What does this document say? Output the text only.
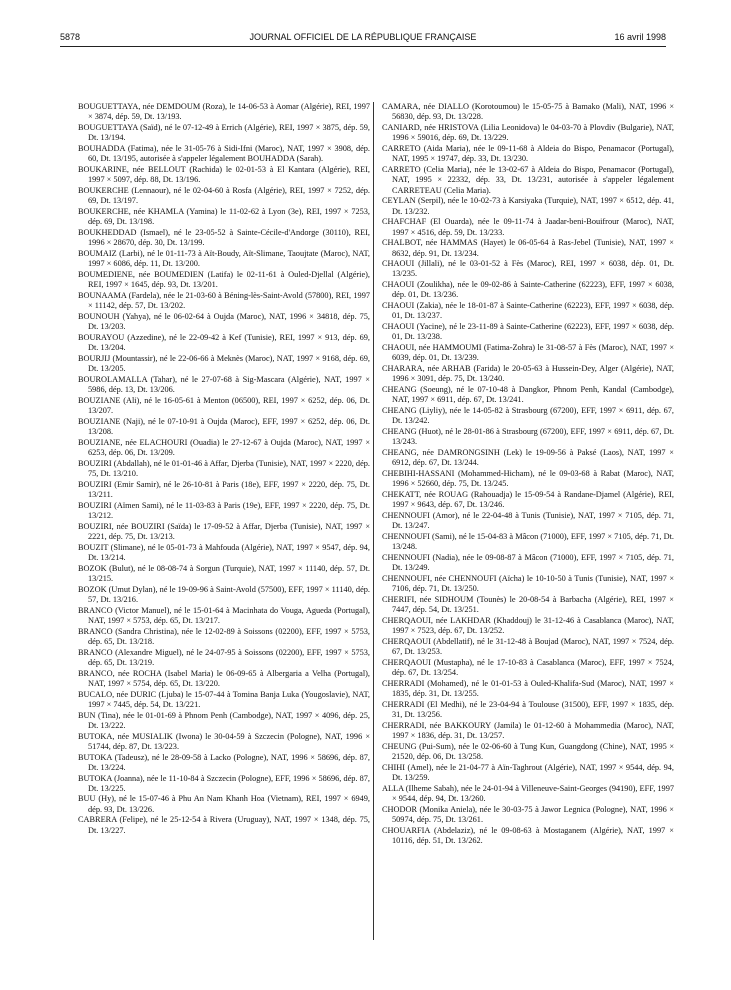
5878	JOURNAL OFFICIEL DE LA RÉPUBLIQUE FRANÇAISE	16 avril 1998

BOUGUETTAYA, née DEMDOUM (Roza), le 14-06-53 à Aomar (Algérie), REI, 1997 × 3874, dép. 59, Dt. 13/193.

BOUGUETTAYA (Saïd), né le 07-12-49 à Errich (Algérie), REI, 1997 × 3875, dép. 59, Dt. 13/194.

BOUHADDA (Fatima), née le 31-05-76 à Sidi-Ifni (Maroc), NAT, 1997 × 3908, dép. 60, Dt. 13/195, autorisée à s'appeler légalement BOUHADDA (Sarah).

BOUKARINE, née BELLOUT (Rachida) le 02-01-53 à El Kantara (Algérie), REI, 1997 × 5097, dép. 88, Dt. 13/196.

BOUKERCHE (Lennaour), né le 02-04-60 à Rosfa (Algérie), REI, 1997 × 7252, dép. 69, Dt. 13/197.

BOUKERCHE, née KHAMLA (Yamina) le 11-02-62 à Lyon (3e), REI, 1997 × 7253, dép. 69, Dt. 13/198.

BOUKHEDDAD (Ismael), né le 23-05-52 à Sainte-Cécile-d'Andorge (30110), REI, 1996 × 28670, dép. 30, Dt. 13/199.

BOUMAIZ (Larbi), né le 01-11-73 à Aït-Boudy, Aït-Slimane, Taoujtate (Maroc), NAT, 1997 × 6086, dép. 11, Dt. 13/200.

BOUMEDIENE, née BOUMEDIEN (Latifa) le 02-11-61 à Ouled-Djellal (Algérie), REI, 1997 × 1645, dép. 93, Dt. 13/201.

BOUNAAMA (Fardela), née le 21-03-60 à Béning-lès-Saint-Avold (57800), REI, 1997 × 11142, dép. 57, Dt. 13/202.

BOUNOUH (Yahya), né le 06-02-64 à Oujda (Maroc), NAT, 1996 × 34818, dép. 75, Dt. 13/203.

BOURAYOU (Azzedine), né le 22-09-42 à Kef (Tunisie), REI, 1997 × 913, dép. 69, Dt. 13/204.

BOURJIJ (Mountassir), né le 22-06-66 à Meknès (Maroc), NAT, 1997 × 9168, dép. 69, Dt. 13/205.

BOUROLAMALLA (Tahar), né le 27-07-68 à Sig-Mascara (Algérie), NAT, 1997 × 5986, dép. 13, Dt. 13/206.

BOUZIANE (Ali), né le 16-05-61 à Menton (06500), REI, 1997 × 6252, dép. 06, Dt. 13/207.

BOUZIANE (Naji), né le 07-10-91 à Oujda (Maroc), EFF, 1997 × 6252, dép. 06, Dt. 13/208.

BOUZIANE, née ELACHOURI (Ouadia) le 27-12-67 à Oujda (Maroc), NAT, 1997 × 6253, dép. 06, Dt. 13/209.

BOUZIRI (Abdallah), né le 01-01-46 à Affar, Djerba (Tunisie), NAT, 1997 × 2220, dép. 75, Dt. 13/210.

BOUZIRI (Emir Samir), né le 26-10-81 à Paris (18e), EFF, 1997 × 2220, dép. 75, Dt. 13/211.

BOUZIRI (Aïmen Sami), né le 11-03-83 à Paris (19e), EFF, 1997 × 2220, dép. 75, Dt. 13/212.

BOUZIRI, née BOUZIRI (Saïda) le 17-09-52 à Affar, Djerba (Tunisie), NAT, 1997 × 2221, dép. 75, Dt. 13/213.

BOUZIT (Slimane), né le 05-01-73 à Mahfouda (Algérie), NAT, 1997 × 9547, dép. 94, Dt. 13/214.

BOZOK (Bulut), né le 08-08-74 à Sorgun (Turquie), NAT, 1997 × 11140, dép. 57, Dt. 13/215.

BOZOK (Umut Dylan), né le 19-09-96 à Saint-Avold (57500), EFF, 1997 × 11140, dép. 57, Dt. 13/216.

BRANCO (Victor Manuel), né le 15-01-64 à Macinhata do Vouga, Agueda (Portugal), NAT, 1997 × 5753, dép. 65, Dt. 13/217.

BRANCO (Sandra Christina), née le 12-02-89 à Soissons (02200), EFF, 1997 × 5753, dép. 65, Dt. 13/218.

BRANCO (Alexandre Miguel), né le 24-07-95 à Soissons (02200), EFF, 1997 × 5753, dép. 65, Dt. 13/219.

BRANCO, née ROCHA (Isabel Maria) le 06-09-65 à Albergaria a Velha (Portugal), NAT, 1997 × 5754, dép. 65, Dt. 13/220.

BUCALO, née DURIC (Ljuba) le 15-07-44 à Tomina Banja Luka (Yougoslavie), NAT, 1997 × 7445, dép. 54, Dt. 13/221.

BUN (Tina), née le 01-01-69 à Phnom Penh (Cambodge), NAT, 1997 × 4096, dép. 25, Dt. 13/222.

BUTOKA, née MUSIALIK (Iwona) le 30-04-59 à Szczecin (Pologne), NAT, 1996 × 51744, dép. 87, Dt. 13/223.

BUTOKA (Tadeusz), né le 28-09-58 à Lacko (Pologne), NAT, 1996 × 58696, dép. 87, Dt. 13/224.

BUTOKA (Joanna), née le 11-10-84 à Szczecin (Pologne), EFF, 1996 × 58696, dép. 87, Dt. 13/225.

BUU (Hy), né le 15-07-46 à Phu An Nam Khanh Hoa (Vietnam), REI, 1997 × 6949, dép. 93, Dt. 13/226.

CABRERA (Felipe), né le 25-12-54 à Rivera (Uruguay), NAT, 1997 × 1348, dép. 75, Dt. 13/227.

CAMARA, née DIALLO (Korotoumou) le 15-05-75 à Bamako (Mali), NAT, 1996 × 56830, dép. 93, Dt. 13/228.

CANIARD, née HRISTOVA (Lilia Leonidova) le 04-03-70 à Plovdiv (Bulgarie), NAT, 1996 × 59016, dép. 69, Dt. 13/229.

CARRETO (Aida Maria), née le 09-11-68 à Aldeia do Bispo, Penamacor (Portugal), NAT, 1995 × 19747, dép. 33, Dt. 13/230.

CARRETO (Celia Maria), née le 13-02-67 à Aldeia do Bispo, Penamacor (Portugal), NAT, 1995 × 22332, dép. 33, Dt. 13/231, autorisée à s'appeler légalement CARRETEAU (Celia Maria).

CEYLAN (Serpil), née le 10-02-73 à Karsiyaka (Turquie), NAT, 1997 × 6512, dép. 41, Dt. 13/232.

CHAFCHAF (El Ouarda), née le 09-11-74 à Jaadar-beni-Bouifrour (Maroc), NAT, 1997 × 4516, dép. 59, Dt. 13/233.

CHALBOT, née HAMMAS (Hayet) le 06-05-64 à Ras-Jebel (Tunisie), NAT, 1997 × 8632, dép. 91, Dt. 13/234.

CHAOUI (Jillali), né le 03-01-52 à Fès (Maroc), REI, 1997 × 6038, dép. 01, Dt. 13/235.

CHAOUI (Zoulikha), née le 09-02-86 à Sainte-Catherine (62223), EFF, 1997 × 6038, dép. 01, Dt. 13/236.

CHAOUI (Zakia), née le 18-01-87 à Sainte-Catherine (62223), EFF, 1997 × 6038, dép. 01, Dt. 13/237.

CHAOUI (Yacine), né le 23-11-89 à Sainte-Catherine (62223), EFF, 1997 × 6038, dép. 01, Dt. 13/238.

CHAOUI, née HAMMOUMI (Fatima-Zohra) le 31-08-57 à Fès (Maroc), NAT, 1997 × 6039, dép. 01, Dt. 13/239.

CHARARA, née ARHAB (Farida) le 20-05-63 à Hussein-Dey, Alger (Algérie), NAT, 1996 × 3091, dép. 75, Dt. 13/240.

CHEANG (Soeung), né le 07-10-48 à Dangkor, Phnom Penh, Kandal (Cambodge), NAT, 1997 × 6911, dép. 67, Dt. 13/241.

CHEANG (Liyliy), née le 14-05-82 à Strasbourg (67200), EFF, 1997 × 6911, dép. 67, Dt. 13/242.

CHEANG (Huot), né le 28-01-86 à Strasbourg (67200), EFF, 1997 × 6911, dép. 67, Dt. 13/243.

CHEANG, née DAMRONGSINH (Lek) le 19-09-56 à Paksé (Laos), NAT, 1997 × 6912, dép. 67, Dt. 13/244.

CHEBIHI-HASSANI (Mohammed-Hicham), né le 09-03-68 à Rabat (Maroc), NAT, 1996 × 52660, dép. 75, Dt. 13/245.

CHEKATT, née ROUAG (Rahouadja) le 15-09-54 à Randane-Djamel (Algérie), REI, 1997 × 9643, dép. 67, Dt. 13/246.

CHENNOUFI (Amor), né le 22-04-48 à Tunis (Tunisie), NAT, 1997 × 7105, dép. 71, Dt. 13/247.

CHENNOUFI (Sami), né le 15-04-83 à Mâcon (71000), EFF, 1997 × 7105, dép. 71, Dt. 13/248.

CHENNOUFI (Nadia), née le 09-08-87 à Mâcon (71000), EFF, 1997 × 7105, dép. 71, Dt. 13/249.

CHENNOUFI, née CHENNOUFI (Aïcha) le 10-10-50 à Tunis (Tunisie), NAT, 1997 × 7106, dép. 71, Dt. 13/250.

CHERIFI, née SIDHOUM (Tounès) le 20-08-54 à Barbacha (Algérie), REI, 1997 × 7447, dép. 54, Dt. 13/251.

CHERQAOUI, née LAKHDAR (Khaddouj) le 31-12-46 à Casablanca (Maroc), NAT, 1997 × 7523, dép. 67, Dt. 13/252.

CHERQAOUI (Abdellatif), né le 31-12-48 à Boujad (Maroc), NAT, 1997 × 7524, dép. 67, Dt. 13/253.

CHERQAOUI (Mustapha), né le 17-10-83 à Casablanca (Maroc), EFF, 1997 × 7524, dép. 67, Dt. 13/254.

CHERRADI (Mohamed), né le 01-01-53 à Ouled-Khalifa-Sud (Maroc), NAT, 1997 × 1835, dép. 31, Dt. 13/255.

CHERRADI (El Medhi), né le 23-04-94 à Toulouse (31500), EFF, 1997 × 1835, dép. 31, Dt. 13/256.

CHERRADI, née BAKKOURY (Jamila) le 01-12-60 à Mohammedia (Maroc), NAT, 1997 × 1836, dép. 31, Dt. 13/257.

CHEUNG (Pui-Sum), née le 02-06-60 à Tung Kun, Guangdong (Chine), NAT, 1995 × 21520, dép. 06, Dt. 13/258.

CHIHI (Amel), née le 21-04-77 à Aïn-Taghrout (Algérie), NAT, 1997 × 9544, dép. 94, Dt. 13/259.

ALLA (Ilheme Sabah), née le 24-01-94 à Villeneuve-Saint-Georges (94190), EFF, 1997 × 9544, dép. 94, Dt. 13/260.

CHODOR (Monika Aniela), née le 30-03-75 à Jawor Legnica (Pologne), NAT, 1996 × 50974, dép. 75, Dt. 13/261.

CHOUARFIA (Abdelaziz), né le 09-08-63 à Mostaganem (Algérie), NAT, 1997 × 10116, dép. 51, Dt. 13/262.
